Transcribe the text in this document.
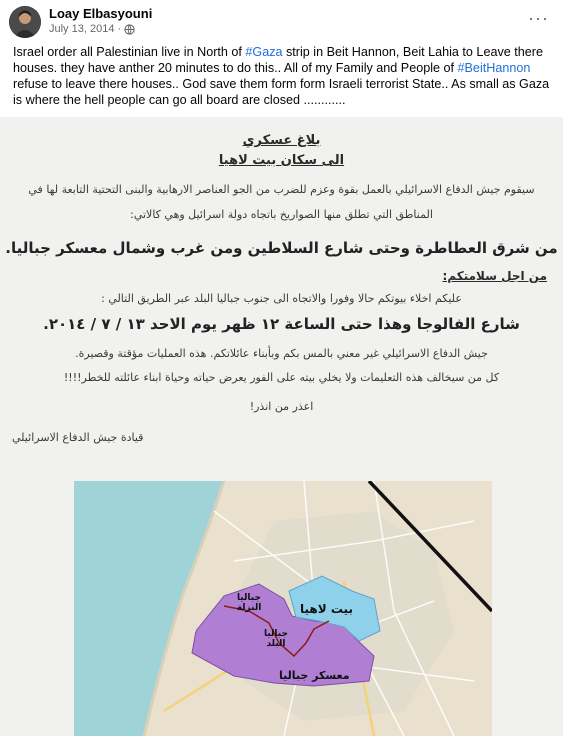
Loay Elbasyouni
July 13, 2014 ·
···
Israel order all Palestinian live in North of #Gaza strip in Beit Hannon, Beit Lahia to Leave there houses. they have anther 20 minutes to do this.. All of my Family and People of #BeitHannon refuse to leave there houses.. God save them form form Israeli terrorist State.. As small as Gaza is where the hell people can go all board are closed ............
بلاغ عسكري
الى سكان بيت لاهيا
سيقوم جيش الدفاع الاسرائيلي بالعمل بقوة وعزم للضرب من الجو العناصر الارهابية والبنى التحتية التابعة لها في
المناطق التي تطلق منها الصواريخ باتجاه دولة اسرائيل وهي كالاتي:
من شرق العطاطرة وحتى شارع السلاطين ومن غرب وشمال معسكر جباليا.
من اجل سلامتكم:
عليكم اخلاء بيوتكم حالا وفورا والاتجاه الى جنوب جباليا البلد عبر الطريق التالي :
شارع الفالوجا وهذا حتى الساعة ١٢ ظهر يوم الاحد ١٣ / ٧ / ٢٠١٤.
جيش الدفاع الاسرائيلي غير معني بالمس بكم وبأبناء عائلاتكم. هذه العمليات مؤقتة وقصيرة.
كل من سيخالف هذه التعليمات ولا يخلي بيته على الفور يعرض حياته وحياة ابناء عائلته للخطر!!!!
اعذر من انذر!
قيادة جيش الدفاع الاسرائيلي
بيت لاهيا
جباليا النزلة
جباليا البلد
معسكر جباليا
